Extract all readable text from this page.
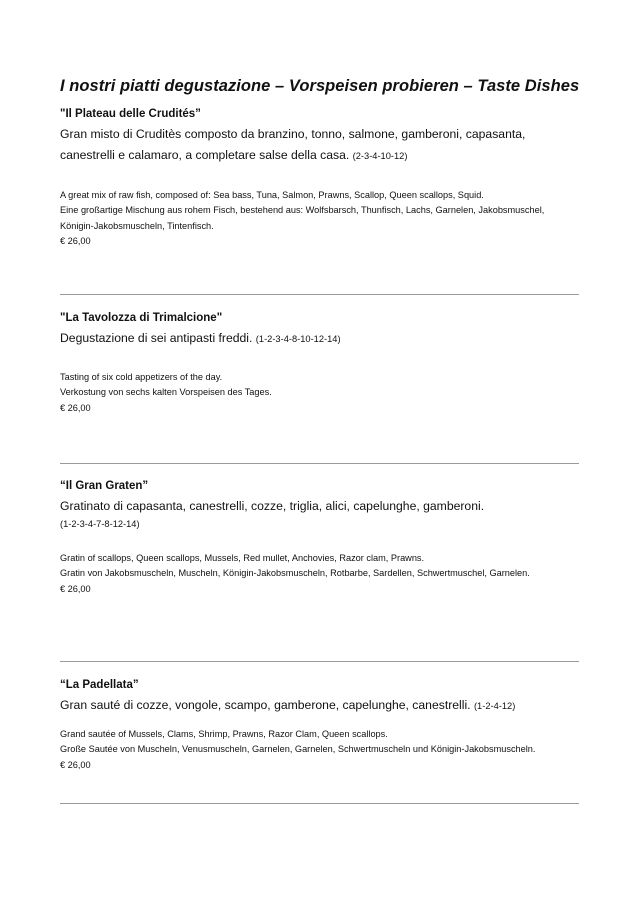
I nostri piatti degustazione – Vorspeisen probieren – Taste Dishes
"Il Plateau delle Crudités”
Gran misto di Cruditès composto da branzino, tonno, salmone, gamberoni, capasanta, canestrelli e calamaro, a completare salse della casa. (2-3-4-10-12)
A great mix of raw fish, composed of: Sea bass, Tuna, Salmon, Prawns, Scallop, Queen scallops, Squid.
Eine großartige Mischung aus rohem Fisch, bestehend aus: Wolfsbarsch, Thunfisch, Lachs, Garnelen, Jakobsmuschel, Königin-Jakobsmuscheln, Tintenfisch.
€ 26,00
"La Tavolozza di Trimalcione"
Degustazione di sei antipasti freddi. (1-2-3-4-8-10-12-14)
Tasting of six cold appetizers of the day.
Verkostung von sechs kalten Vorspeisen des Tages.
€ 26,00
“Il Gran Graten”
Gratinato di capasanta, canestrelli, cozze, triglia, alici, capelunghe, gamberoni.
(1-2-3-4-7-8-12-14)
Gratin of scallops, Queen scallops, Mussels, Red mullet, Anchovies, Razor clam, Prawns.
Gratin von Jakobsmuscheln, Muscheln, Königin-Jakobsmuscheln, Rotbarbe, Sardellen, Schwertmuschel, Garnelen.
€ 26,00
“La Padellata”
Gran sauté di cozze, vongole, scampo, gamberone, capelunghe, canestrelli. (1-2-4-12)
Grand sautée of Mussels, Clams, Shrimp, Prawns, Razor Clam, Queen scallops.
Große Sautée von Muscheln, Venusmuscheln, Garnelen, Garnelen, Schwertmuscheln und Königin-Jakobsmuscheln.
€ 26,00
